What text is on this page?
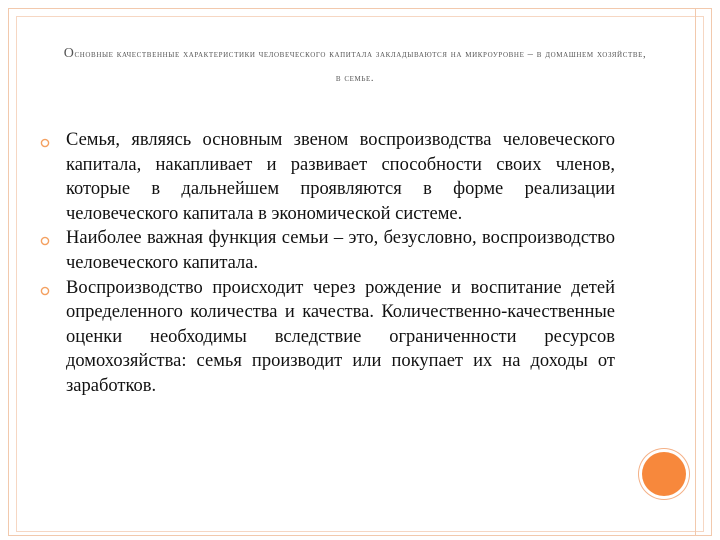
Основные качественные характеристики человеческого капитала закладываются на микроуровне – в домашнем хозяйстве, в семье.
Семья, являясь основным звеном воспроизводства человеческого капитала, накапливает и развивает способности своих членов, которые в дальнейшем проявляются в форме реализации человеческого капитала в экономической системе.
Наиболее важная функция семьи – это, безусловно, воспроизводство человеческого капитала.
Воспроизводство происходит через рождение и воспитание детей определенного количества и качества. Количественно-качественные оценки необходимы вследствие ограниченности ресурсов домохозяйства: семья производит или покупает их на доходы от заработков.
